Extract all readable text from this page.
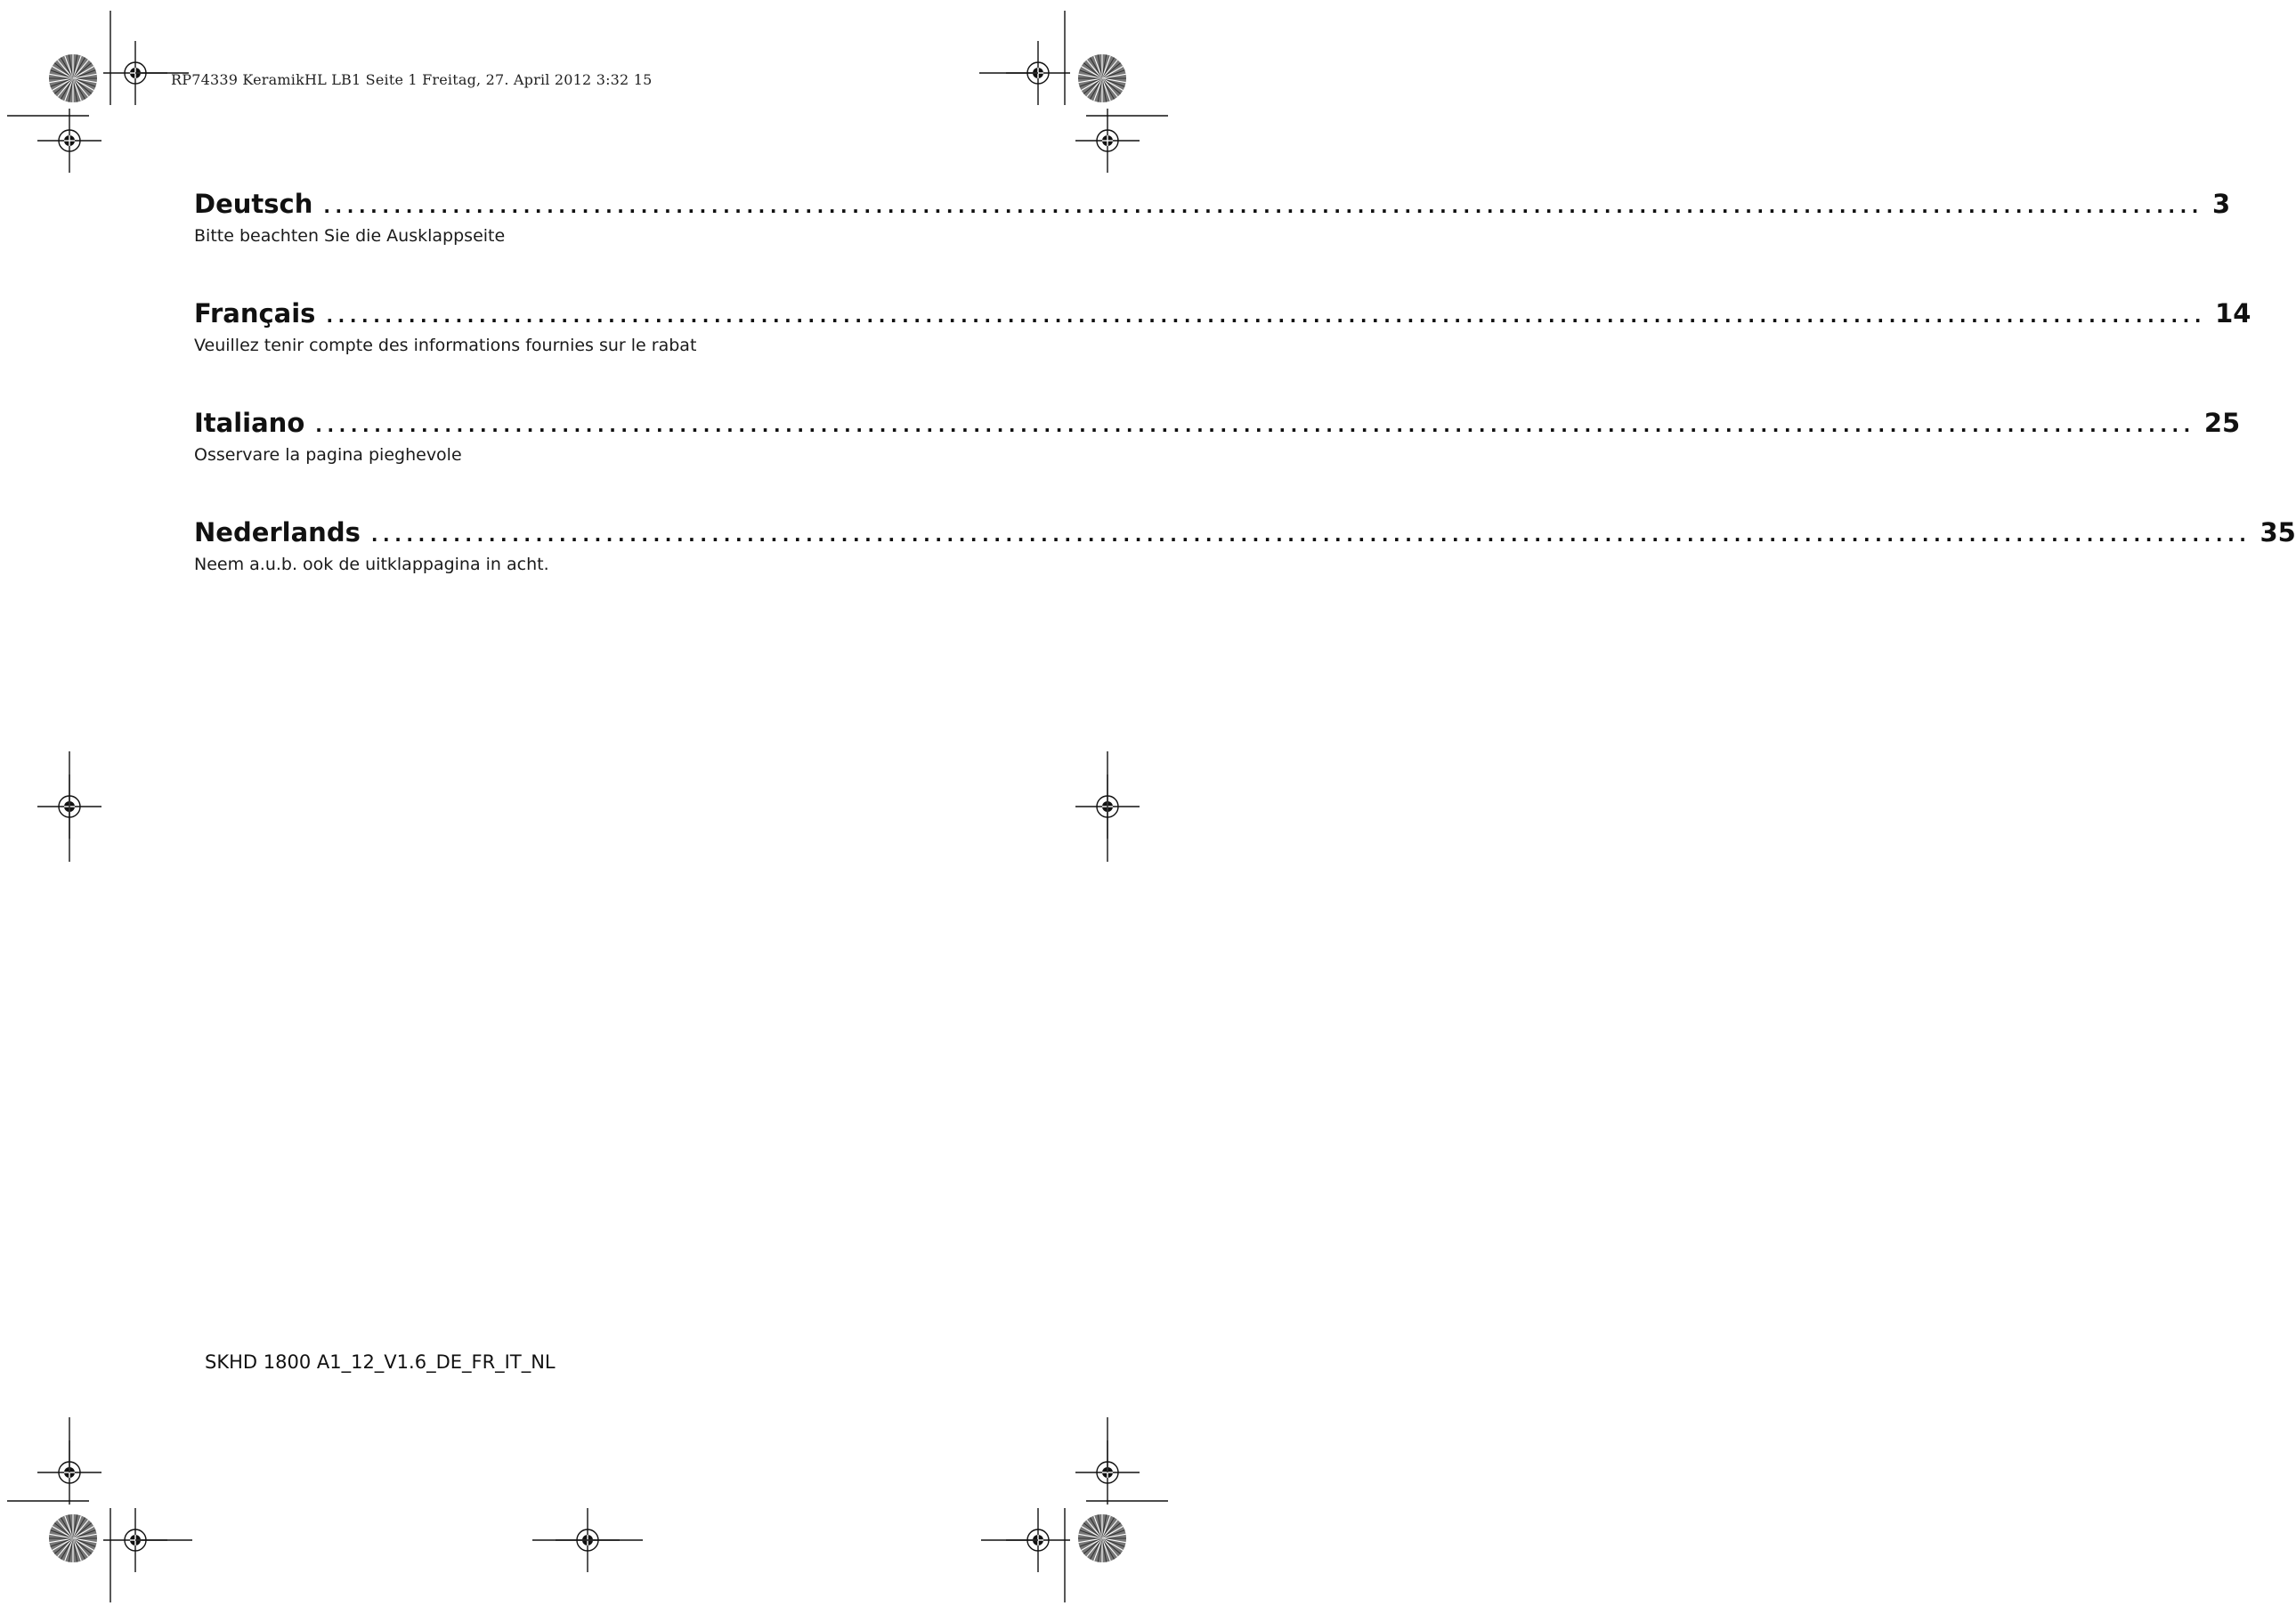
RP74339 KeramikHL LB1 Seite 1 Freitag, 27. April 2012 3:32 15
Deutsch ................................................................................................................................................................ 3
Bitte beachten Sie die Ausklappseite
Français ................................................................................................................................................................ 14
Veuillez tenir compte des informations fournies sur le rabat
Italiano ................................................................................................................................................................ 25
Osservare la pagina pieghevole
Nederlands ................................................................................................................................................................ 35
Neem a.u.b. ook de uitklappagina in acht.
SKHD 1800 A1_12_V1.6_DE_FR_IT_NL
